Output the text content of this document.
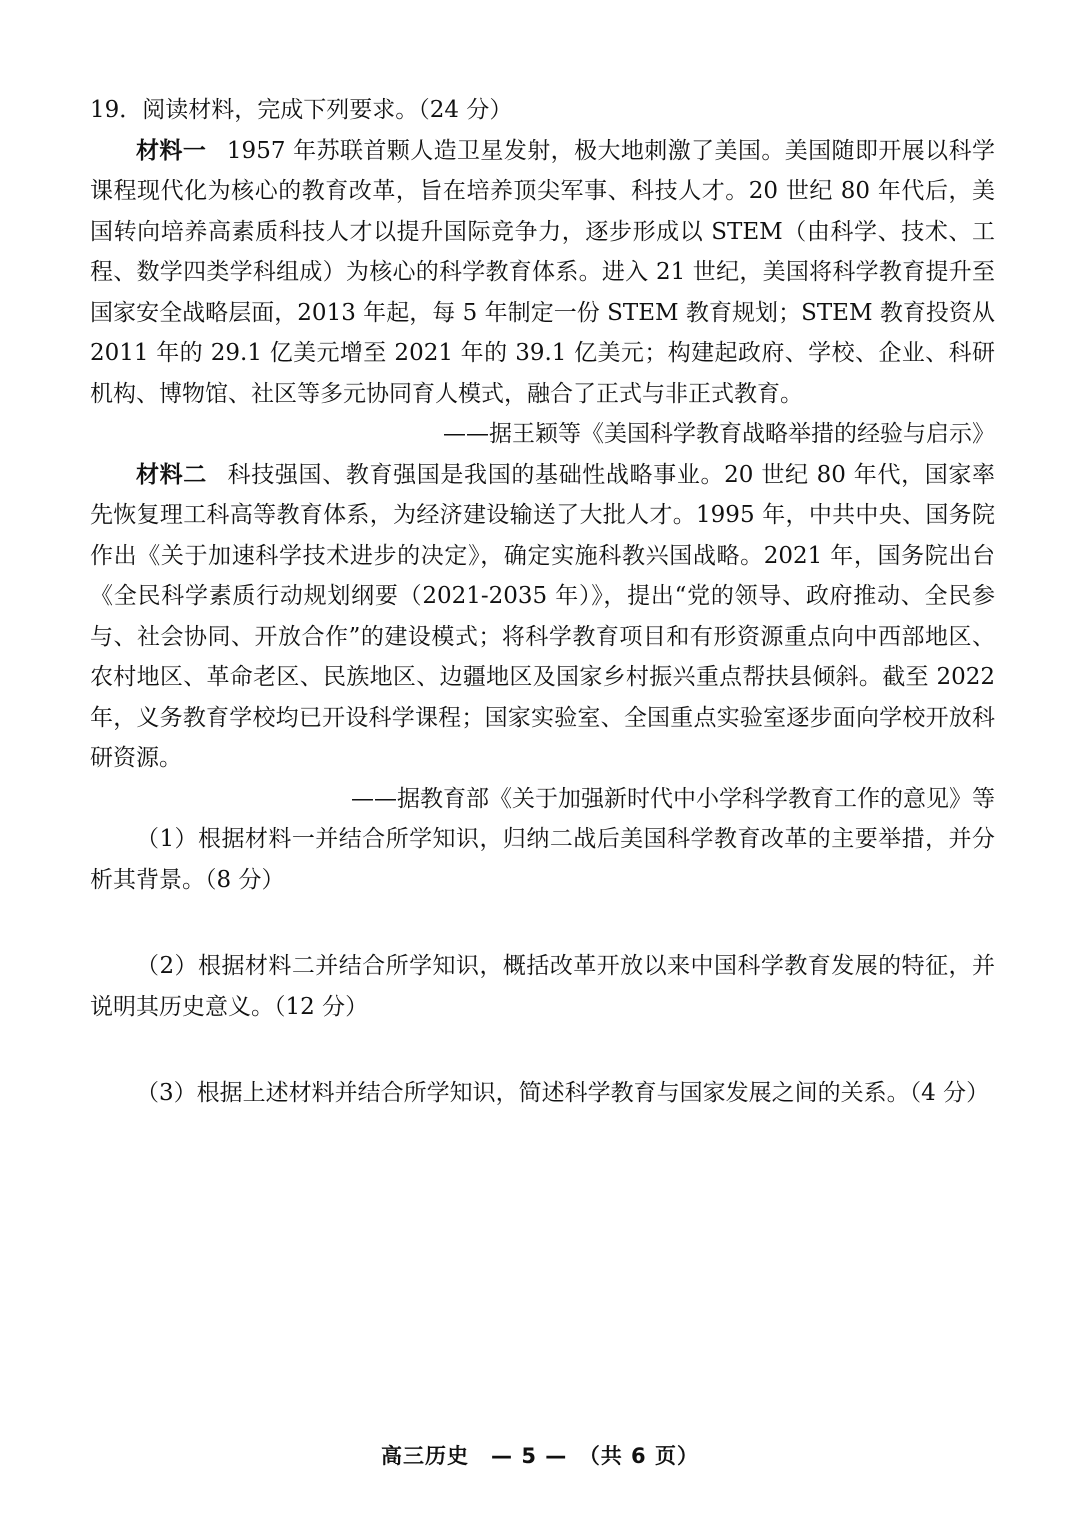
19．阅读材料，完成下列要求。（24 分）

材料一 1957 年苏联首颗人造卫星发射，极大地刺激了美国。美国随即开展以科学课程现代化为核心的教育改革，旨在培养顶尖军事、科技人才。20 世纪 80 年代后，美国转向培养高素质科技人才以提升国际竞争力，逐步形成以 STEM（由科学、技术、工程、数学四类学科组成）为核心的科学教育体系。进入 21 世纪，美国将科学教育提升至国家安全战略层面，2013 年起，每 5 年制定一份 STEM 教育规划；STEM 教育投资从 2011 年的 29.1 亿美元增至 2021 年的 39.1 亿美元；构建起政府、学校、企业、科研机构、博物馆、社区等多元协同育人模式，融合了正式与非正式教育。

——据王颖等《美国科学教育战略举措的经验与启示》

材料二 科技强国、教育强国是我国的基础性战略事业。20 世纪 80 年代，国家率先恢复理工科高等教育体系，为经济建设输送了大批人才。1995 年，中共中央、国务院作出《关于加速科学技术进步的决定》，确定实施科教兴国战略。2021 年，国务院出台《全民科学素质行动规划纲要（2021-2035 年）》，提出“党的领导、政府推动、全民参与、社会协同、开放合作”的建设模式；将科学教育项目和有形资源重点向中西部地区、农村地区、革命老区、民族地区、边疆地区及国家乡村振兴重点帮扶县倾斜。截至 2022 年，义务教育学校均已开设科学课程；国家实验室、全国重点实验室逐步面向学校开放科研资源。

——据教育部《关于加强新时代中小学科学教育工作的意见》等

（1）根据材料一并结合所学知识，归纳二战后美国科学教育改革的主要举措，并分析其背景。（8 分）

（2）根据材料二并结合所学知识，概括改革开放以来中国科学教育发展的特征，并说明其历史意义。（12 分）

（3）根据上述材料并结合所学知识，简述科学教育与国家发展之间的关系。（4 分）

高三历史　— 5 —　（共 6 页）
